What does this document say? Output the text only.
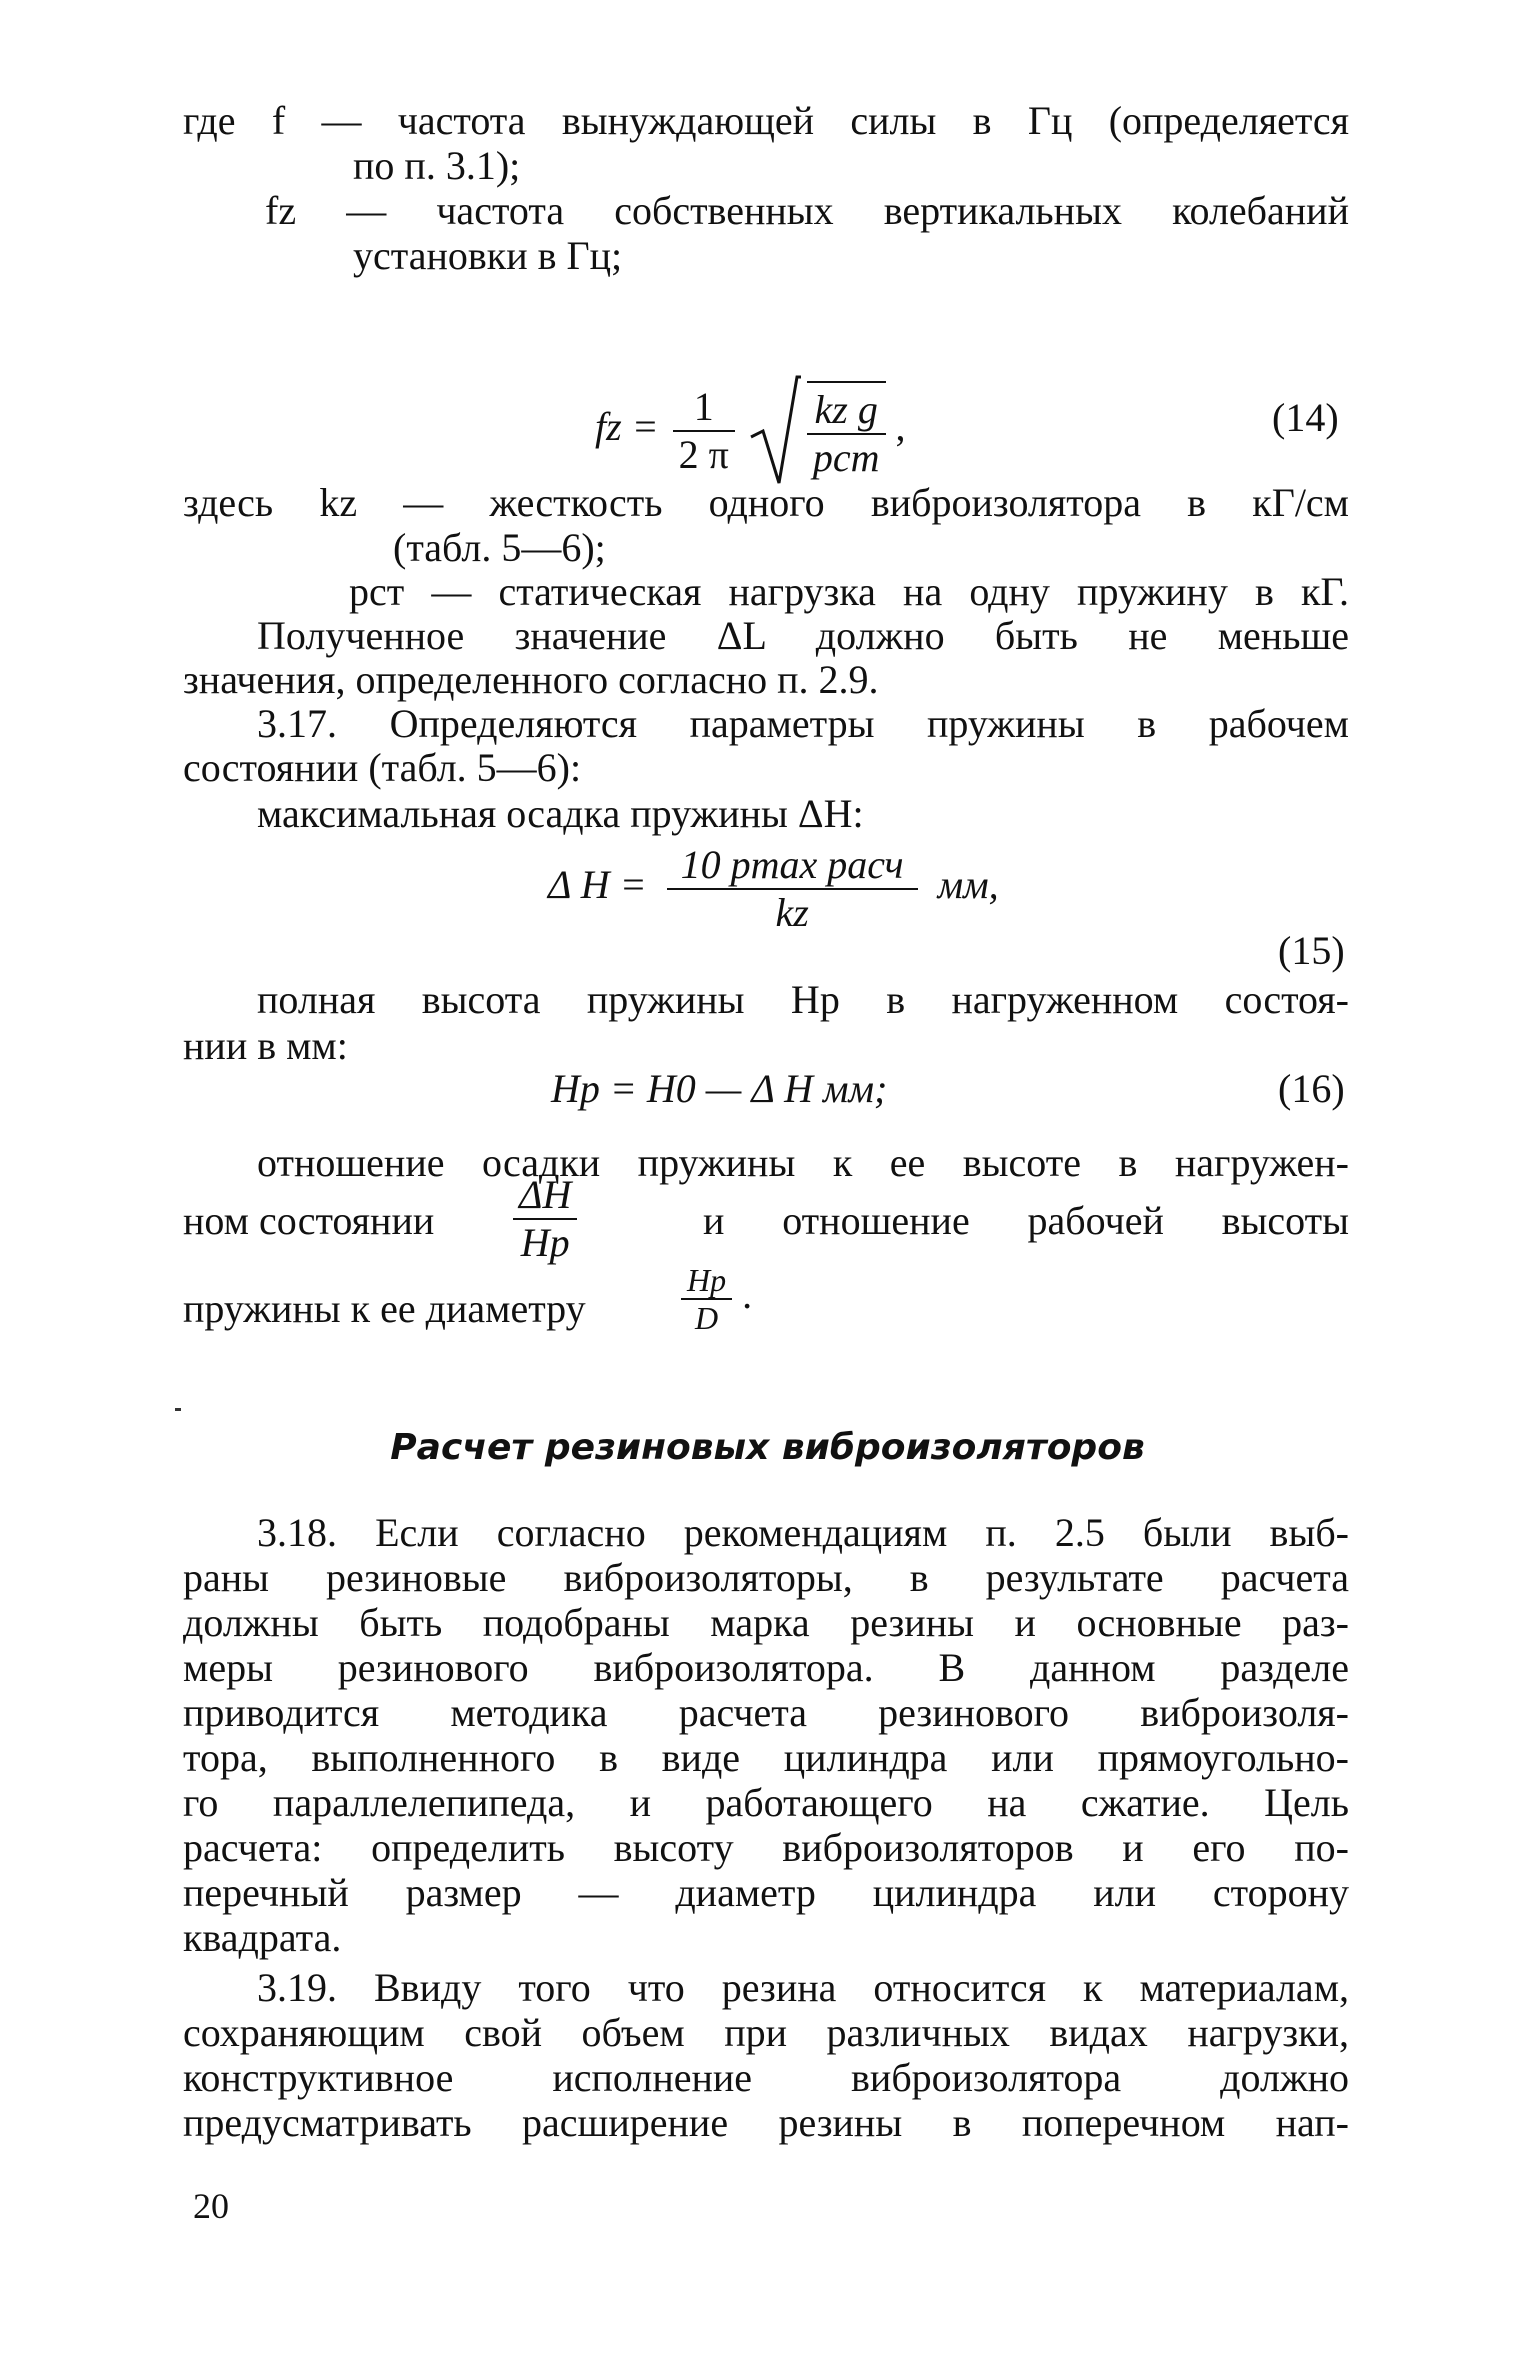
где f — частота вынуждающей силы в Гц (определяется
по п. 3.1);
fz — частота собственных вертикальных колебаний
установки в Гц;
fz = $\frac{1}{2 \pi}$
$\frac{\text{kz g}}{\text{pст}}$ ,	(14)
здесь kz — жесткость одного виброизолятора в кГ/см
(табл. 5—6);
pст — статическая нагрузка на одну пружину в кГ.
Полученное значение ΔL должно быть не меньше
значения, определенного согласно п. 2.9.
3.17. Определяются параметры пружины в рабочем
состоянии (табл. 5—6):
максимальная осадка пружины ΔH:
Δ $H = \frac{\text{10 pmax расч}}{kz}$ мм,
(15)
полная высота пружины Hр в нагруженном состоя-
нии в мм:
Hр = H0 — Δ H мм;	(16)
отношение осадки пружины к ее высоте в нагружен-
ном состоянии $\frac{\Delta H}{Hр}$	и отношение рабочей высоты
пружины к ее диаметру	$\frac{Hр}{D}$ .
Расчет резиновых виброизоляторов
3.18. Если согласно рекомендациям п. 2.5 были выб-
раны резиновые виброизоляторы, в результате расчета
должны быть подобраны марка резины и основные раз-
меры резинового виброизолятора. В данном разделе
приводится методика расчета резинового виброизоля-
тора, выполненного в виде цилиндра или прямоугольно-
го параллелепипеда, и работающего на сжатие. Цель
расчета: определить высоту виброизоляторов и его по-
перечный размер — диаметр цилиндра или сторону
квадрата.
3.19. Ввиду того что резина относится к материалам,
сохраняющим свой объем при различных видах нагрузки,
конструктивное исполнение виброизолятора должно
предусматривать расширение резины в поперечном нап-
20
